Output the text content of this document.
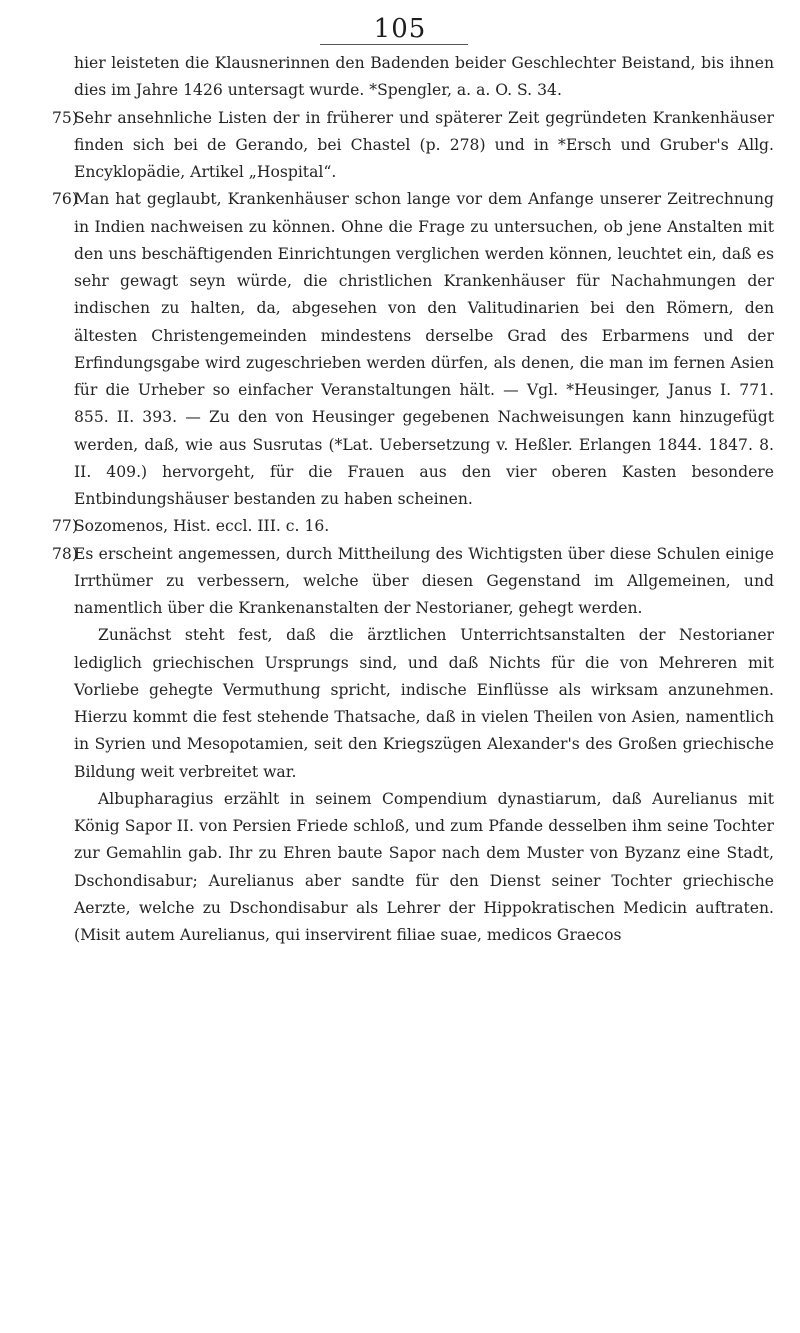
105
hier leisteten die Klausnerinnen den Badenden beider Geschlechter Beistand, bis ihnen dies im Jahre 1426 untersagt wurde. *Spengler, a. a. O. S. 34.
75)
Sehr ansehnliche Listen der in früherer und späterer Zeit gegründeten Krankenhäuser finden sich bei de Gerando, bei Chastel (p. 278) und in *Ersch und Gruber's Allg. Encyklopädie, Artikel „Hospital“.
76)
Man hat geglaubt, Krankenhäuser schon lange vor dem Anfange unserer Zeitrechnung in Indien nachweisen zu können. Ohne die Frage zu untersuchen, ob jene Anstalten mit den uns beschäftigenden Einrichtungen verglichen werden können, leuchtet ein, daß es sehr gewagt seyn würde, die christlichen Krankenhäuser für Nachahmungen der indischen zu halten, da, abgesehen von den Valitudinarien bei den Römern, den ältesten Christengemeinden mindestens derselbe Grad des Erbarmens und der Erfindungsgabe wird zugeschrieben werden dürfen, als denen, die man im fernen Asien für die Urheber so einfacher Veranstaltungen hält. — Vgl. *Heusinger, Janus I. 771. 855. II. 393. — Zu den von Heusinger gegebenen Nachweisungen kann hinzugefügt werden, daß, wie aus Susrutas (*Lat. Uebersetzung v. Heßler. Erlangen 1844. 1847. 8. II. 409.) hervorgeht, für die Frauen aus den vier oberen Kasten besondere Entbindungshäuser bestanden zu haben scheinen.
77)
Sozomenos, Hist. eccl. III. c. 16.
78)
Es erscheint angemessen, durch Mittheilung des Wichtigsten über diese Schulen einige Irrthümer zu verbessern, welche über diesen Gegenstand im Allgemeinen, und namentlich über die Krankenanstalten der Nestorianer, gehegt werden.
Zunächst steht fest, daß die ärztlichen Unterrichtsanstalten der Nestorianer lediglich griechischen Ursprungs sind, und daß Nichts für die von Mehreren mit Vorliebe gehegte Vermuthung spricht, indische Einflüsse als wirksam anzunehmen. Hierzu kommt die fest stehende Thatsache, daß in vielen Theilen von Asien, namentlich in Syrien und Mesopotamien, seit den Kriegszügen Alexander's des Großen griechische Bildung weit verbreitet war.
Albupharagius erzählt in seinem Compendium dynastiarum, daß Aurelianus mit König Sapor II. von Persien Friede schloß, und zum Pfande desselben ihm seine Tochter zur Gemahlin gab. Ihr zu Ehren baute Sapor nach dem Muster von Byzanz eine Stadt, Dschondisabur; Aurelianus aber sandte für den Dienst seiner Tochter griechische Aerzte, welche zu Dschondisabur als Lehrer der Hippokratischen Medicin auftraten. (Misit autem Aurelianus, qui inservirent filiae suae, medicos Graecos
